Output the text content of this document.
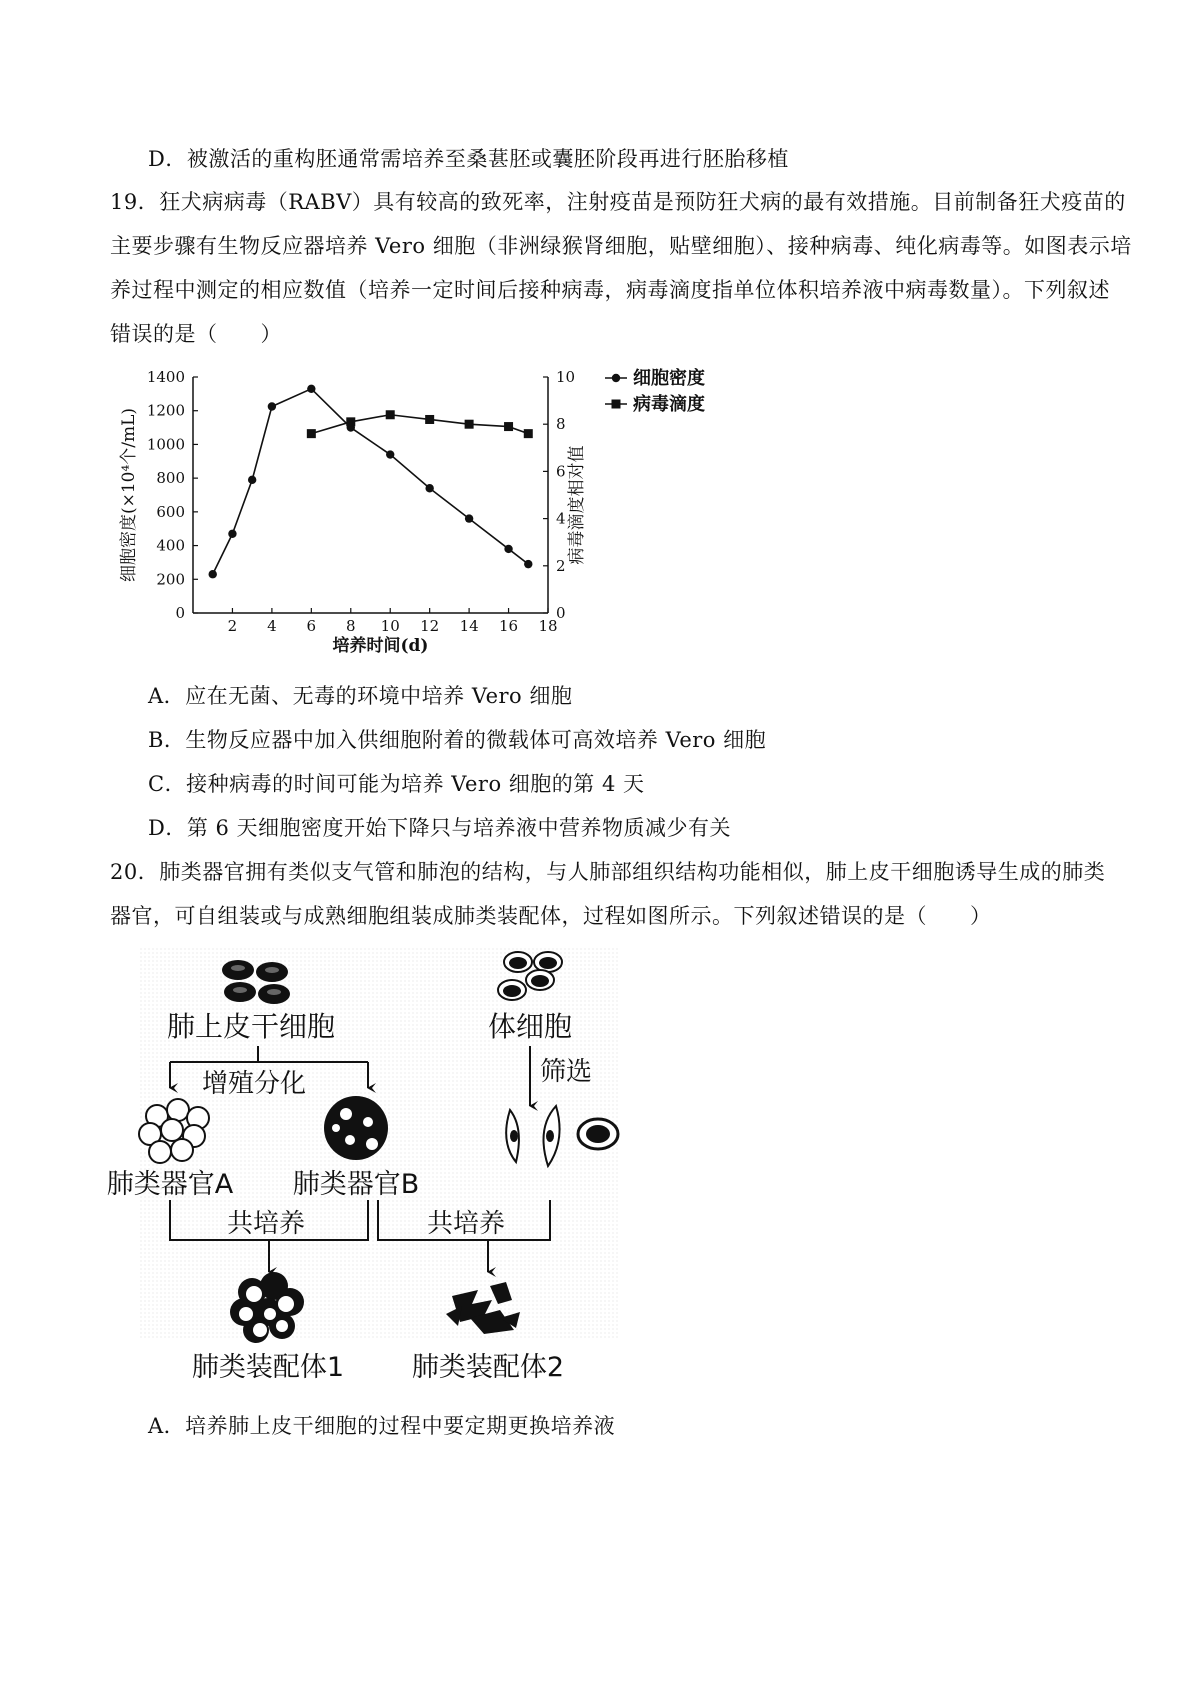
D．被激活的重构胚通常需培养至桑葚胚或囊胚阶段再进行胚胎移植
19．狂犬病病毒（RABV）具有较高的致死率，注射疫苗是预防狂犬病的最有效措施。目前制备狂犬疫苗的
主要步骤有生物反应器培养 Vero 细胞（非洲绿猴肾细胞，贴壁细胞）、接种病毒、纯化病毒等。如图表示培
养过程中测定的相应数值（培养一定时间后接种病毒，病毒滴度指单位体积培养液中病毒数量）。下列叙述
错误的是（　　）
2 4 6 8 10 12 14 16 18
0
200
400
600
800
1000
1200
1400
0
2
4
6
8
10
培养时间(d)
细胞密度(×10⁴个/mL)	病毒滴度相对值
细胞密度
病毒滴度
A．应在无菌、无毒的环境中培养 Vero 细胞
B．生物反应器中加入供细胞附着的微载体可高效培养 Vero 细胞
C．接种病毒的时间可能为培养 Vero 细胞的第 4 天
D．第 6 天细胞密度开始下降只与培养液中营养物质减少有关
20．肺类器官拥有类似支气管和肺泡的结构，与人肺部组织结构功能相似，肺上皮干细胞诱导生成的肺类
器官，可自组装或与成熟细胞组装成肺类装配体，过程如图所示。下列叙述错误的是（　　）
肺上皮干细胞	体细胞
增殖分化	筛选
肺类器官A 肺类器官B
共培养	共培养
肺类装配体1	肺类装配体2
A．培养肺上皮干细胞的过程中要定期更换培养液
